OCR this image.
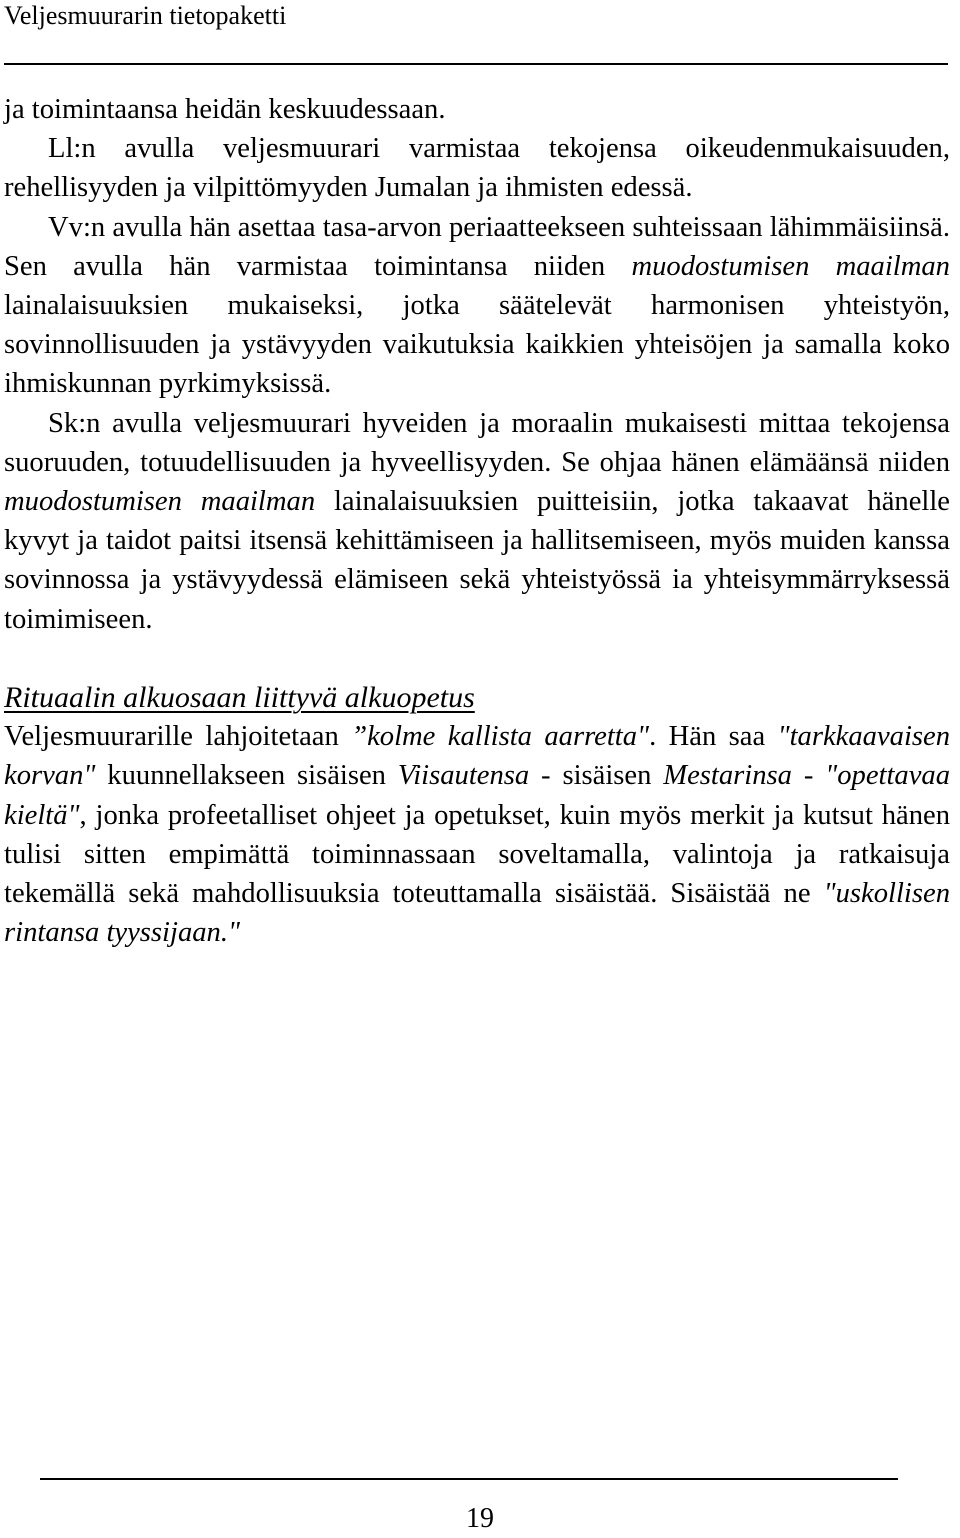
Veljesmuurarin tietopaketti

ja toimintaansa heidän keskuudessaan.

Ll:n avulla veljesmuurari varmistaa tekojensa oikeudenmukaisuuden, rehellisyyden ja vilpittömyyden Jumalan ja ihmisten edessä.

Vv:n avulla hän asettaa tasa-arvon periaatteekseen suhteissaan lähimmäisiinsä. Sen avulla hän varmistaa toimintansa niiden muodostumisen maailman lainalaisuuksien mukaiseksi, jotka säätelevät harmonisen yhteistyön, sovinnollisuuden ja ystävyyden vaikutuksia kaikkien yhteisöjen ja samalla koko ihmiskunnan pyrkimyksissä.

Sk:n avulla veljesmuurari hyveiden ja moraalin mukaisesti mittaa tekojensa suoruuden, totuudellisuuden ja hyveellisyyden. Se ohjaa hänen elämäänsä niiden muodostumisen maailman lainalaisuuksien puitteisiin, jotka takaavat hänelle kyvyt ja taidot paitsi itsensä kehittämiseen ja hallitsemiseen, myös muiden kanssa sovinnossa ja ystävyydessä elämiseen sekä yhteistyössä ia yhteisymmärryksessä toimimiseen.

Rituaalin alkuosaan liittyvä alkuopetus

Veljesmuurarille lahjoitetaan ”kolme kallista aarretta". Hän saa "tarkkaavaisen korvan" kuunnellakseen sisäisen Viisautensa - sisäisen Mestarinsa - "opettavaa kieltä", jonka profeetalliset ohjeet ja opetukset, kuin myös merkit ja kutsut hänen tulisi sitten empimättä toiminnassaan soveltamalla, valintoja ja ratkaisuja tekemällä sekä mahdollisuuksia toteuttamalla sisäistää. Sisäistää ne "uskollisen rintansa tyyssijaan."

19
